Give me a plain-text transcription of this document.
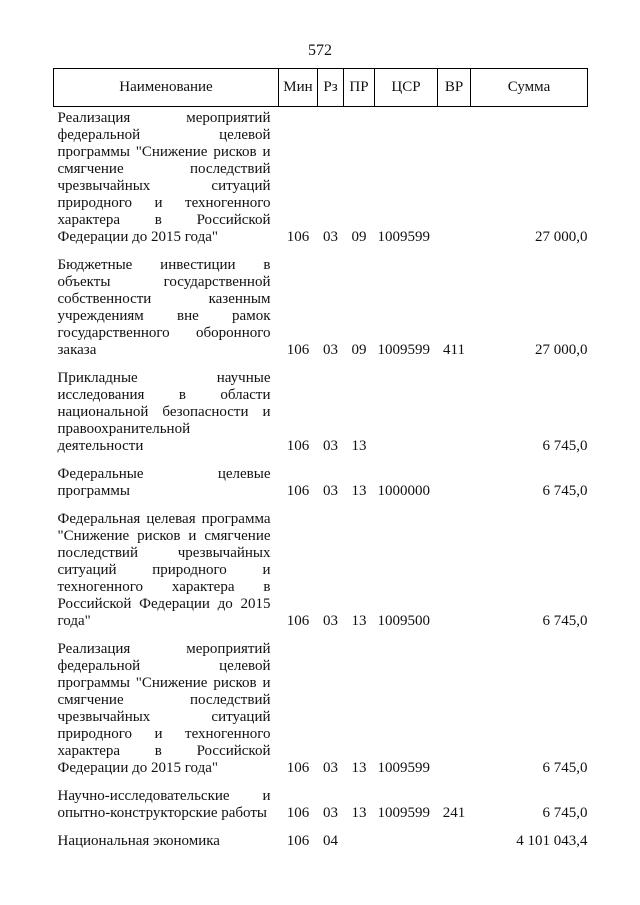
572
Наименование	Мин	Рз	ПР	ЦСР	ВР	Сумма
Реализация мероприятий федеральной целевой программы "Снижение рисков и смягчение последствий чрезвычайных ситуаций природного и техногенного характера в Российской Федерации до 2015 года"	106	03	09	1009599		27 000,0
Бюджетные инвестиции в объекты государственной собственности казенным учреждениям вне рамок государственного оборонного заказа	106	03	09	1009599	411	27 000,0
Прикладные научные исследования в области национальной безопасности и правоохранительной деятельности	106	03	13			6 745,0
Федеральные целевые программы	106	03	13	1000000		6 745,0
Федеральная целевая программа "Снижение рисков и смягчение последствий чрезвычайных ситуаций природного и техногенного характера в Российской Федерации до 2015 года"	106	03	13	1009500		6 745,0
Реализация мероприятий федеральной целевой программы "Снижение рисков и смягчение последствий чрезвычайных ситуаций природного и техногенного характера в Российской Федерации до 2015 года"	106	03	13	1009599		6 745,0
Научно-исследовательские и опытно-конструкторские работы	106	03	13	1009599	241	6 745,0
Национальная экономика	106	04				4 101 043,4
